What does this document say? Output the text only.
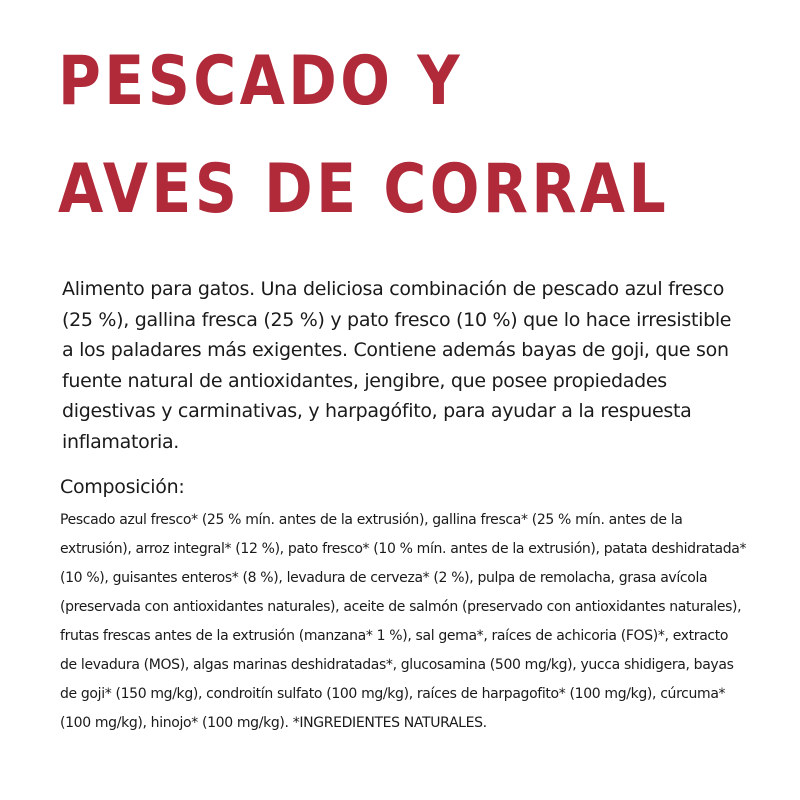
PESCADO Y
AVES DE CORRAL

Alimento para gatos. Una deliciosa combinación de pescado azul fresco (25 %), gallina fresca (25 %) y pato fresco (10 %) que lo hace irresistible a los paladares más exigentes. Contiene además bayas de goji, que son fuente natural de antioxidantes, jengibre, que posee propiedades digestivas y carminativas, y harpagófito, para ayudar a la respuesta inflamatoria.

Composición:

Pescado azul fresco* (25 % mín. antes de la extrusión), gallina fresca* (25 % mín. antes de la extrusión), arroz integral* (12 %), pato fresco* (10 % mín. antes de la extrusión), patata deshidratada* (10 %), guisantes enteros* (8 %), levadura de cerveza* (2 %), pulpa de remolacha, grasa avícola (preservada con antioxidantes naturales), aceite de salmón (preservado con antioxidantes naturales), frutas frescas antes de la extrusión (manzana* 1 %), sal gema*, raíces de achicoria (FOS)*, extracto de levadura (MOS), algas marinas deshidratadas*, glucosamina (500 mg/kg), yucca shidigera, bayas de goji* (150 mg/kg), condroitín sulfato (100 mg/kg), raíces de harpagofito* (100 mg/kg), cúrcuma* (100 mg/kg), hinojo* (100 mg/kg). *INGREDIENTES NATURALES.
